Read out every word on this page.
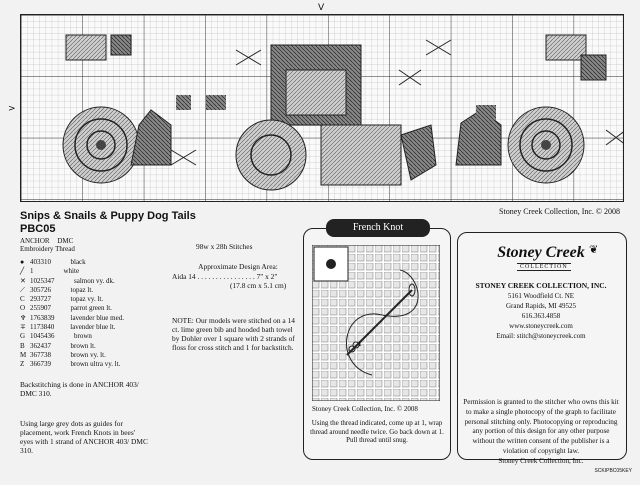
V
>
Stoney Creek Collection, Inc. © 2008
Snips & Snails & Puppy Dog Tails
PBC05
ANCHOR DMC
Embroidery Thread
● 403 310	black
╱ 1	white
✕ 1025 347	salmon vy. dk.
⟋ 305 726	topaz lt.
C 293 727	topaz vy. lt.
O 255 907	parrot green lt.
♆ 176 3839	lavender blue med.
∓ 117 3840	lavender blue lt.
G 1045 436	brown
B 362 437	brown lt.
M 367 738	brown vy. lt.
Z 366 739	brown ultra vy. lt.
Backstitching is done in ANCHOR 403/ DMC 310.
Using large grey dots as guides for placement, work French Knots in bees' eyes with 1 strand of ANCHOR 403/ DMC 310.
98w x 28h Stitches
Approximate Design Area:
Aida 14 . . . . . . . . . . . . . . . . 7" x 2"
(17.8 cm x 5.1 cm)
NOTE: Our models were stitched on a 14 ct. lime green bib and hooded bath towel by Dohler over 1 square with 2 strands of floss for cross stitch and 1 for backstitch.
French Knot
1
Stoney Creek Collection, Inc. © 2008
Using the thread indicated, come up at 1, wrap thread around needle twice. Go back down at 1. Pull thread until snug.
Stoney Creek ❦
COLLECTION
STONEY CREEK COLLECTION, INC.
5161 Woodfield Ct. NE
Grand Rapids, MI 49525
616.363.4858
www.stoneycreek.com
Email: stitch@stoneycreek.com
Permission is granted to the stitcher who owns this kit to make a single photocopy of the graph to facilitate personal stitching only. Photocopying or reproducing any portion of this design for any other purpose without the written consent of the publisher is a violation of copyright law.
Stoney Creek Collection, Inc.
SCKIPBC05KEY
